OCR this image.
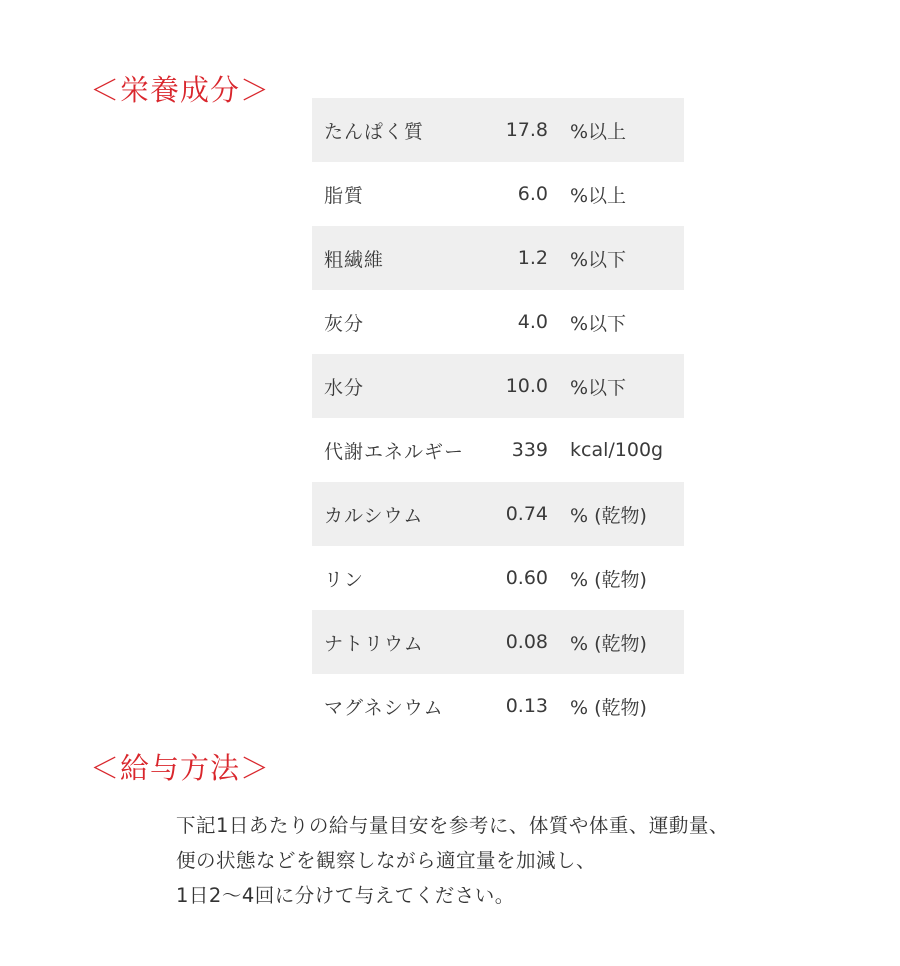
＜栄養成分＞
たんぱく質	17.8	%以上
脂質	6.0	%以上
粗繊維	1.2	%以下
灰分	4.0	%以下
水分	10.0	%以下
代謝エネルギー	339	kcal/100g
カルシウム	0.74	% (乾物)
リン	0.60	% (乾物)
ナトリウム	0.08	% (乾物)
マグネシウム	0.13	% (乾物)
＜給与方法＞
下記1日あたりの給与量目安を参考に、体質や体重、運動量、
便の状態などを観察しながら適宜量を加減し、
1日2～4回に分けて与えてください。
